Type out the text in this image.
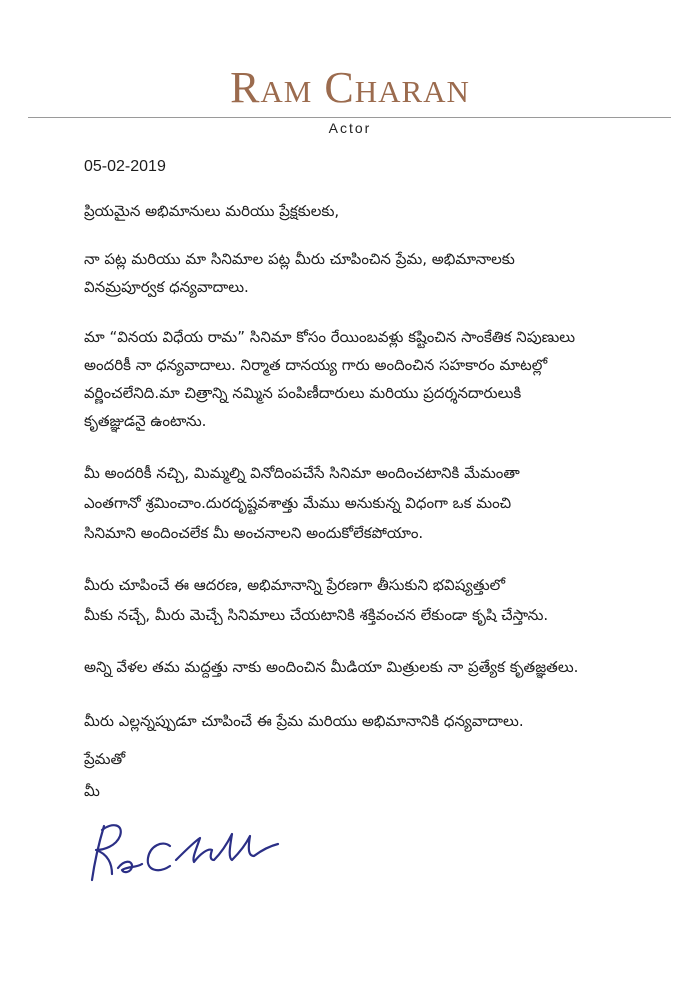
Ram Charan
Actor
05-02-2019
ప్రియమైన అభిమానులు మరియు ప్రేక్షకులకు,
నా పట్ల మరియు మా సినిమాల పట్ల మీరు చూపించిన ప్రేమ, అభిమానాలకు
వినమ్రపూర్వక ధన్యవాదాలు.
మా “వినయ విధేయ రామ” సినిమా కోసం రేయింబవళ్లు కష్టించిన సాంకేతిక నిపుణులు
అందరికీ నా ధన్యవాదాలు. నిర్మాత దానయ్య గారు అందించిన సహకారం మాటల్లో
వర్ణించలేనిది.మా చిత్రాన్ని నమ్మిన పంపిణీదారులు మరియు ప్రదర్శనదారులుకి
కృతజ్ఞుడనై ఉంటాను.
మీ అందరికీ నచ్చి, మిమ్మల్ని వినోదింపచేసే సినిమా అందించటానికి మేమంతా
ఎంతగానో శ్రమించాం.దురదృష్టవశాత్తు మేము అనుకున్న విధంగా ఒక మంచి
సినిమాని అందించలేక మీ అంచనాలని అందుకోలేకపోయాం.
మీరు చూపించే ఈ ఆదరణ, అభిమానాన్ని ప్రేరణగా తీసుకుని భవిష్యత్తులో
మీకు నచ్చే, మీరు మెచ్చే సినిమాలు చేయటానికి శక్తివంచన లేకుండా కృషి చేస్తాను.
అన్ని వేళల తమ మద్దత్తు నాకు అందించిన మీడియా మిత్రులకు నా ప్రత్యేక కృతజ్ఞతలు.
మీరు ఎల్లన్నప్పుడూ చూపించే ఈ ప్రేమ మరియు అభిమానానికి ధన్యవాదాలు.
ప్రేమతో
మీ
